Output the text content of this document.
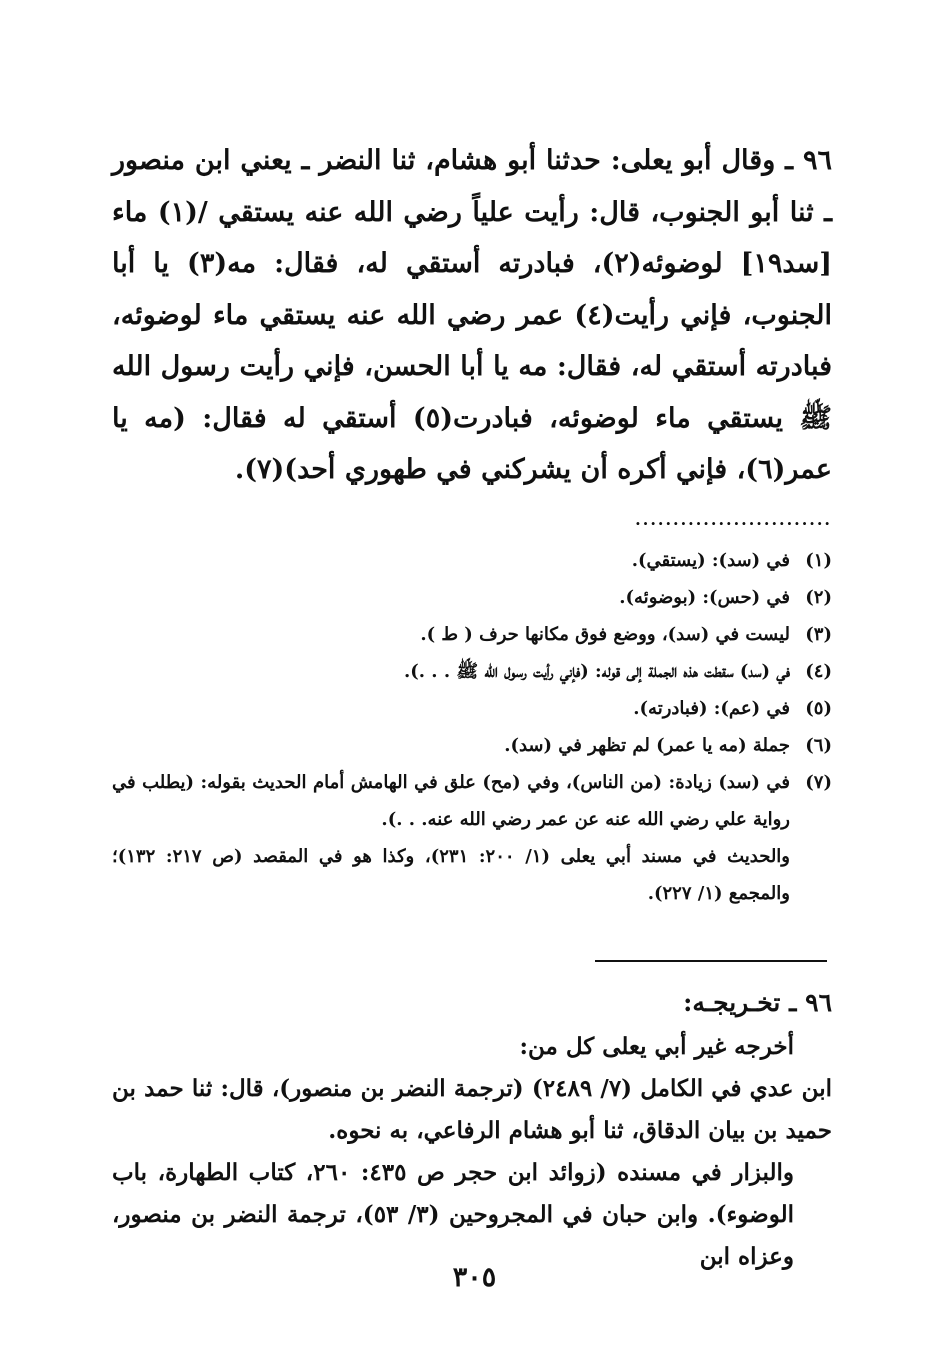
٩٦ ـ وقال أبو يعلى: حدثنا أبو هشام، ثنا النضر ـ يعني ابن منصور ـ ثنا أبو الجنوب، قال: رأيت علياً رضي الله عنه يستقي /(١) ماء [سد١٩] لوضوئه(٢)، فبادرته أستقي له، فقال: مه(٣) يا أبا الجنوب، فإني رأيت(٤) عمر رضي الله عنه يستقي ماء لوضوئه، فبادرته أستقي له، فقال: مه يا أبا الحسن، فإني رأيت رسول الله ﷺ يستقي ماء لوضوئه، فبادرت(٥) أستقي له فقال: (مه يا عمر(٦)، فإني أكره أن يشركني في طهوري أحد)(٧).

..........................
(١)
في (سد): (يستقي).
(٢)
في (حس): (بوضوئه).
(٣)
ليست في (سد)، ووضع فوق مكانها حرف ( ط ).
(٤)
في (سد) سقطت هذه الجملة إلى قوله: (فإني رأيت رسول الله ﷺ . . .).
(٥)
في (عم): (فبادرته).
(٦)
جملة (مه يا عمر) لم تظهر في (سد).
(٧)
في (سد) زيادة: (من الناس)، وفي (مح) علق في الهامش أمام الحديث بقوله: (يطلب في رواية علي رضي الله عنه عن عمر رضي الله عنه. . .).
والحديث في مسند أبي يعلى (١/ ٢٠٠: ٢٣١)، وكذا هو في المقصد (ص ٢١٧: ١٣٢)؛ والمجمع (١/ ٢٢٧).
٩٦ ـ تخـريجـه:

أخرجه غير أبي يعلى كل من:

ابن عدي في الكامل (٧/ ٢٤٨٩) (ترجمة النضر بن منصور)، قال: ثنا حمد بن حميد بن بيان الدقاق، ثنا أبو هشام الرفاعي، به نحوه.

والبزار في مسنده (زوائد ابن حجر ص ٤٣٥: ٢٦٠، كتاب الطهارة، باب الوضوء). وابن حبان في المجروحين (٣/ ٥٣)، ترجمة النضر بن منصور، وعزاه ابن

٣٠٥
